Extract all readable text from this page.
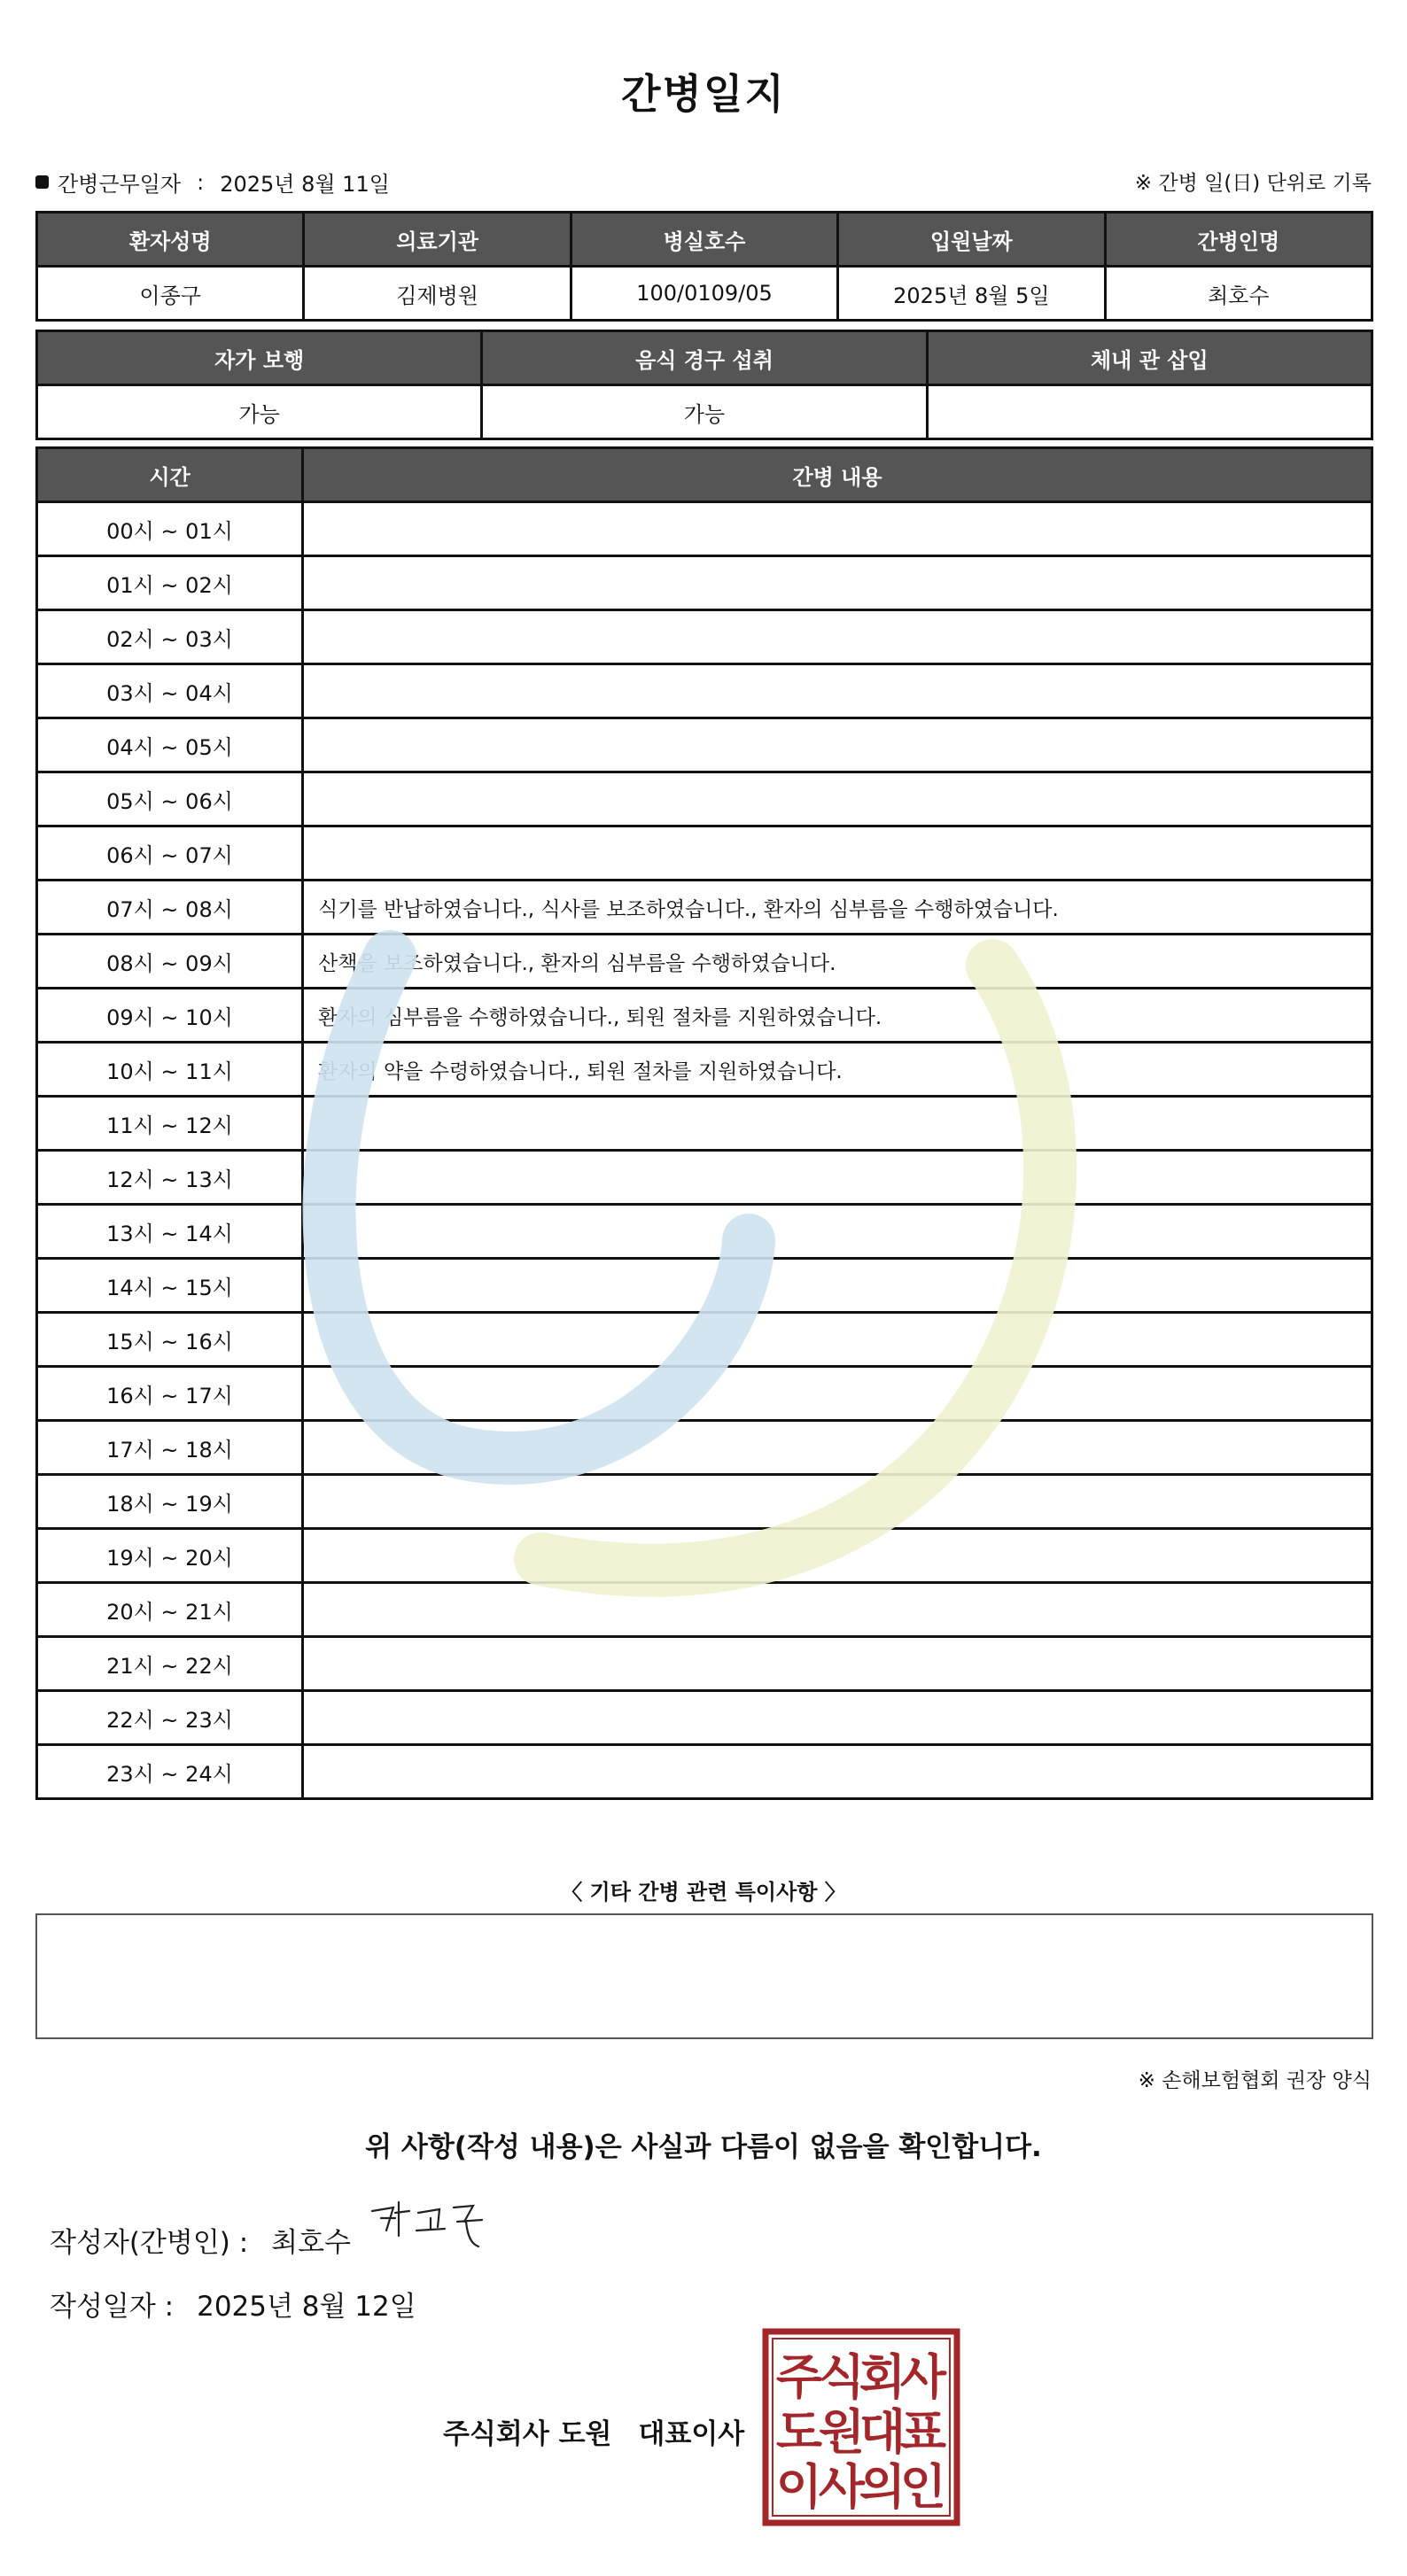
간병일지
간병근무일자 : 2025년 8월 11일	※ 간병 일(日) 단위로 기록
환자성명	의료기관	병실호수	입원날짜	간병인명
이종구	김제병원	100/0109/05	2025년 8월 5일	최호수
자가 보행	음식 경구 섭취	체내 관 삽입
가능	가능	
시간	간병 내용
00시 ~ 01시	
01시 ~ 02시	
02시 ~ 03시	
03시 ~ 04시	
04시 ~ 05시	
05시 ~ 06시	
06시 ~ 07시	
07시 ~ 08시	식기를 반납하였습니다., 식사를 보조하였습니다., 환자의 심부름을 수행하였습니다.
08시 ~ 09시	산책을 보조하였습니다., 환자의 심부름을 수행하였습니다.
09시 ~ 10시	환자의 심부름을 수행하였습니다., 퇴원 절차를 지원하였습니다.
10시 ~ 11시	환자의 약을 수령하였습니다., 퇴원 절차를 지원하였습니다.
11시 ~ 12시	
12시 ~ 13시	
13시 ~ 14시	
14시 ~ 15시	
15시 ~ 16시	
16시 ~ 17시	
17시 ~ 18시	
18시 ~ 19시	
19시 ~ 20시	
20시 ~ 21시	
21시 ~ 22시	
22시 ~ 23시	
23시 ~ 24시	
〈 기타 간병 관련 특이사항 〉
※ 손해보험협회 권장 양식
위 사항(작성 내용)은 사실과 다름이 없음을 확인합니다.
작성자(간병인) : 최호수
작성일자 : 2025년 8월 12일
주식회사 도원 대표이사
주
식
회
사
도
원
대
표
이
사
의
인
